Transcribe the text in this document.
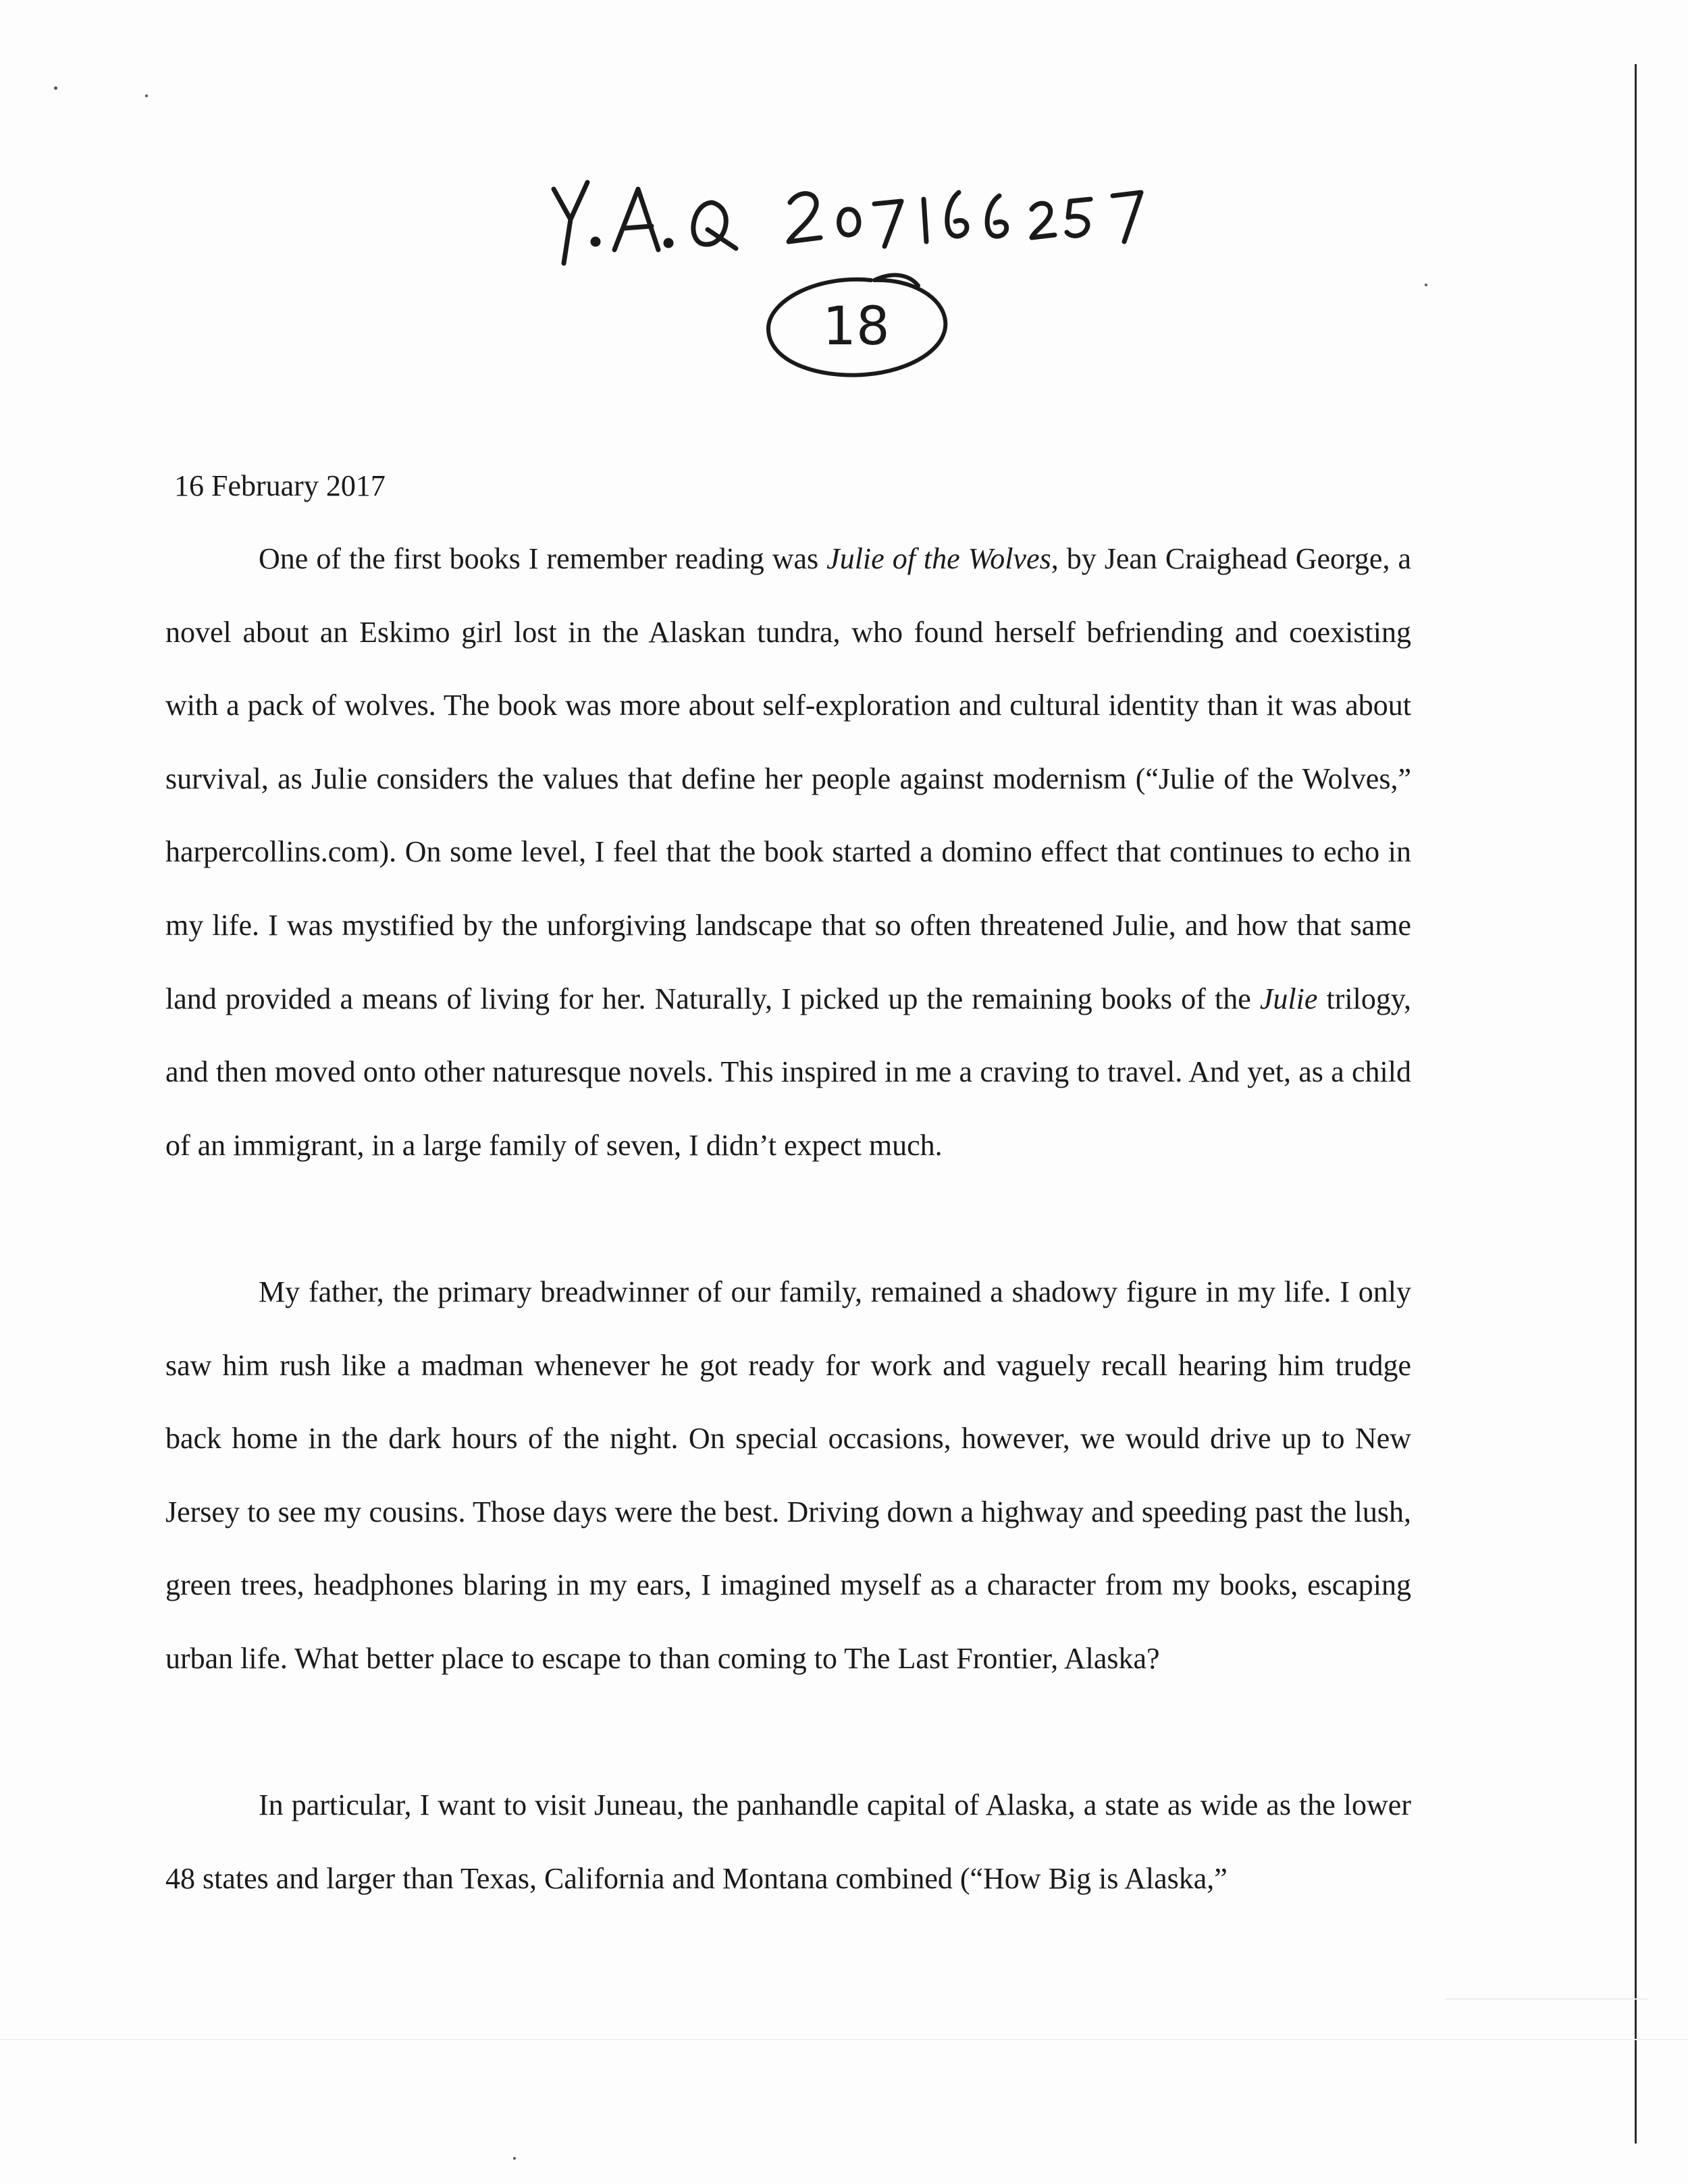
18
16 February 2017

One of the first books I remember reading was Julie of the Wolves, by Jean Craighead George, a novel about an Eskimo girl lost in the Alaskan tundra, who found herself befriending and coexisting with a pack of wolves. The book was more about self-exploration and cultural identity than it was about survival, as Julie considers the values that define her people against modernism (“Julie of the Wolves,” harpercollins.com). On some level, I feel that the book started a domino effect that continues to echo in my life. I was mystified by the unforgiving landscape that so often threatened Julie, and how that same land provided a means of living for her. Naturally, I picked up the remaining books of the Julie trilogy, and then moved onto other naturesque novels. This inspired in me a craving to travel. And yet, as a child of an immigrant, in a large family of seven, I didn’t expect much.

My father, the primary breadwinner of our family, remained a shadowy figure in my life. I only saw him rush like a madman whenever he got ready for work and vaguely recall hearing him trudge back home in the dark hours of the night. On special occasions, however, we would drive up to New Jersey to see my cousins. Those days were the best. Driving down a highway and speeding past the lush, green trees, headphones blaring in my ears, I imagined myself as a character from my books, escaping urban life. What better place to escape to than coming to The Last Frontier, Alaska?

In particular, I want to visit Juneau, the panhandle capital of Alaska, a state as wide as the lower 48 states and larger than Texas, California and Montana combined (“How Big is Alaska,”
